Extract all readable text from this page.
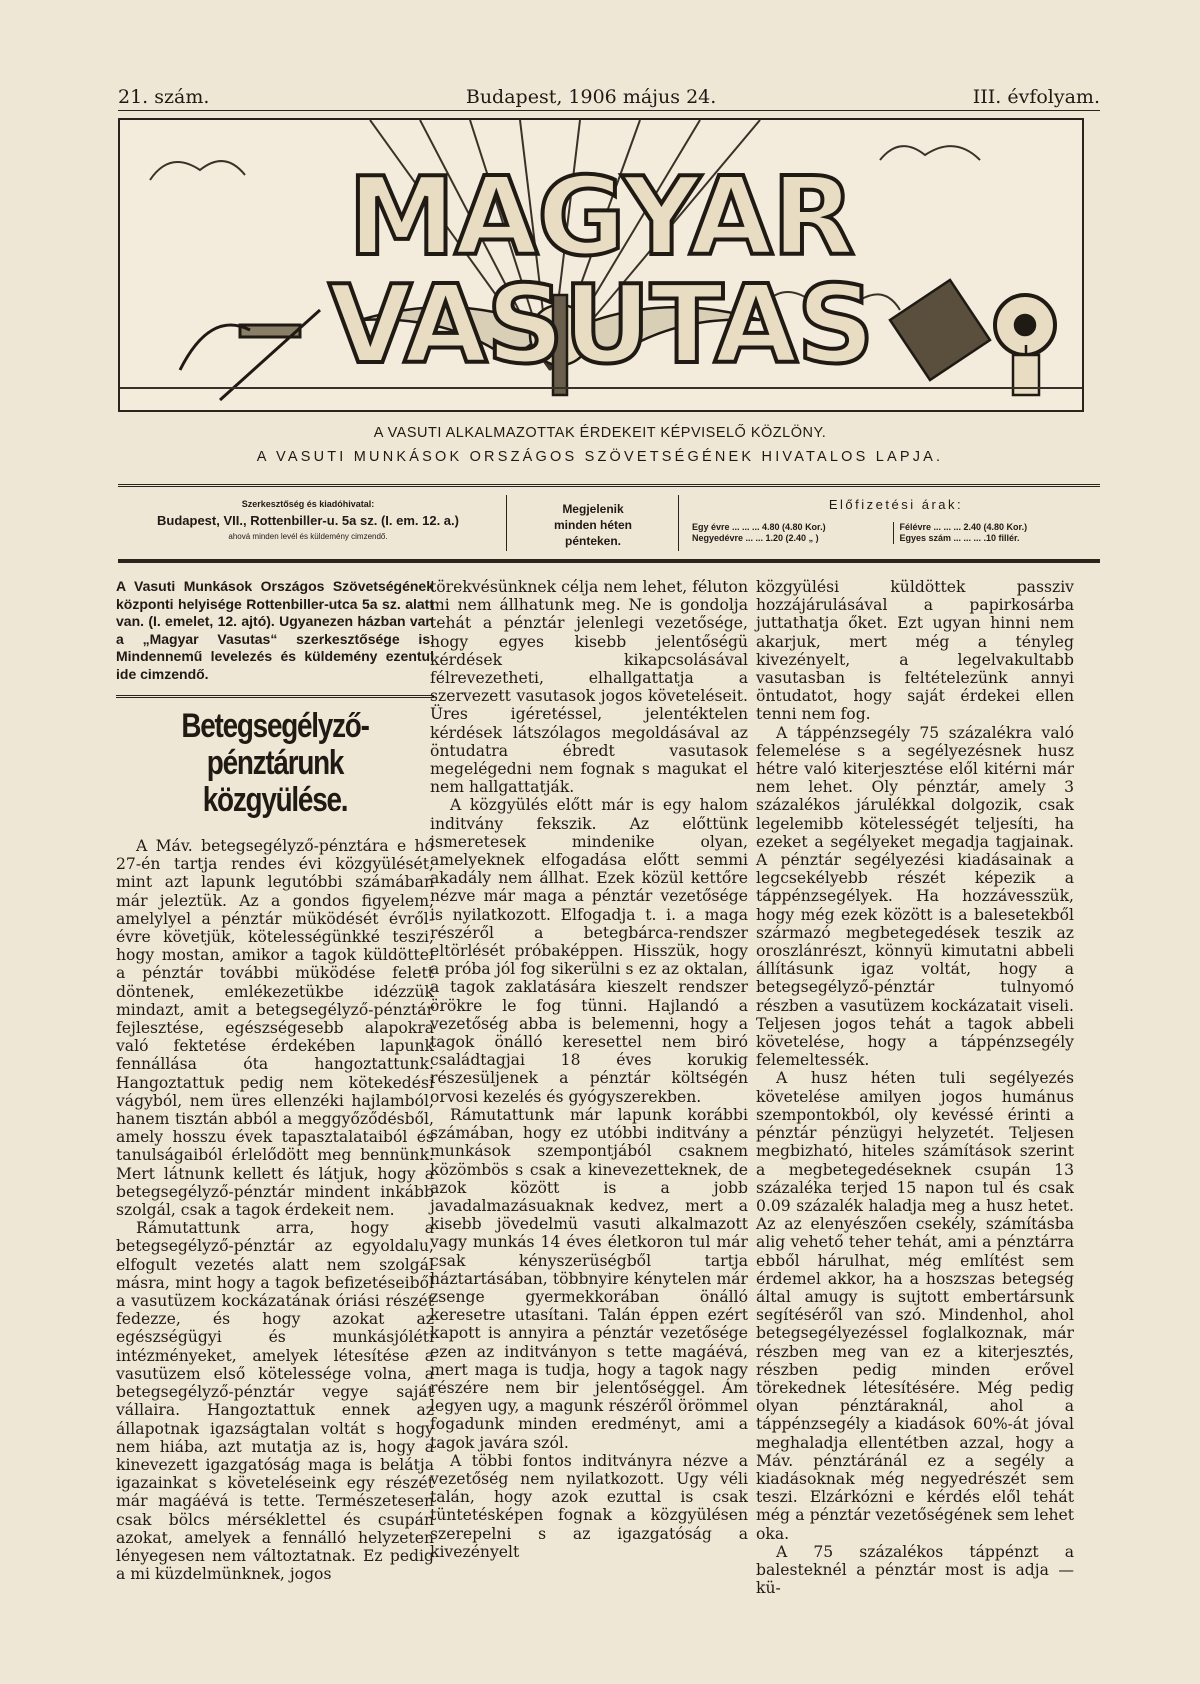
21. szám.	Budapest, 1906 május 24.	III. évfolyam.
MAGYAR VASUTAS
A VASUTI ALKALMAZOTTAK ÉRDEKEIT KÉPVISELŐ KÖZLÖNY.
A VASUTI MUNKÁSOK ORSZÁGOS SZÖVETSÉGÉNEK HIVATALOS LAPJA.
Szerkesztőség és kiadóhivatal:
Budapest, VII., Rottenbiller-u. 5a sz. (I. em. 12. a.)
ahová minden levél és küldemény cimzendő.
Megjelenik
minden héten
pénteken.
Előfizetési árak:
Egy évre ... ... ... 4.80 (4.80 Kor.)
Negyedévre ... ... 1.20 (2.40 „ )
Félévre ... ... ... 2.40 (4.80 Kor.)
Egyes szám ... ... ... .10 fillér.

A Vasuti Munkások Országos Szövetségének központi helyisége Rottenbiller-utca 5a sz. alatt van. (I. emelet, 12. ajtó). Ugyanezen házban van a „Magyar Vasutas“ szerkesztősége is. Mindennemű levelezés és küldemény ezentul ide cimzendő.

Betegsegélyző-pénztárunk
közgyülése.

A Máv. betegsegélyző-pénztára e hó 27-én tartja rendes évi közgyülését, mint azt lapunk legutóbbi számában már jeleztük. Az a gondos figyelem, amelylyel a pénztár müködését évről-évre követjük, kötelességünkké teszi, hogy mostan, amikor a tagok küldöttei a pénztár további müködése felett döntenek, emlékezetükbe idézzük mindazt, amit a betegsegélyző-pénztár fejlesztése, egészségesebb alapokra való fektetése érdekében lapunk fennállása óta hangoztattunk. Hangoztattuk pedig nem kötekedési vágyból, nem üres ellenzéki hajlamból, hanem tisztán abból a meggyőződésből, amely hosszu évek tapasztalataiból és tanulságaiból érlelődött meg bennünk. Mert látnunk kellett és látjuk, hogy a betegsegélyző-pénztár mindent inkább szolgál, csak a tagok érdekeit nem.

Rámutattunk arra, hogy a betegsegélyző-pénztár az egyoldalu, elfogult vezetés alatt nem szolgál másra, mint hogy a tagok befizetéseiből a vasutüzem kockázatának óriási részét fedezze, és hogy azokat az egészségügyi és munkásjóléti intézményeket, amelyek létesítése a vasutüzem első kötelessége volna, a betegsegélyző-pénztár vegye saját vállaira. Hangoztattuk ennek az állapotnak igazságtalan voltát s hogy nem hiába, azt mutatja az is, hogy a kinevezett igazgatóság maga is belátja igazainkat s követeléseink egy részét már magáévá is tette. Természetesen csak bölcs mérséklettel és csupán azokat, amelyek a fennálló helyzeten lényegesen nem változtatnak. Ez pedig a mi küzdelmünknek, jogos

törekvésünknek célja nem lehet, féluton mi nem állhatunk meg. Ne is gondolja tehát a pénztár jelenlegi vezetősége, hogy egyes kisebb jelentőségü kérdések kikapcsolásával félrevezetheti, elhallgattatja a szervezett vasutasok jogos követeléseit. Üres igéretéssel, jelentéktelen kérdések látszólagos megoldásával az öntudatra ébredt vasutasok megelégedni nem fognak s magukat el nem hallgattatják.

A közgyülés előtt már is egy halom inditvány fekszik. Az előttünk ismeretesek mindenike olyan, amelyeknek elfogadása előtt semmi akadály nem állhat. Ezek közül kettőre nézve már maga a pénztár vezetősége is nyilatkozott. Elfogadja t. i. a maga részéről a betegbárca-rendszer eltörlését próbaképpen. Hisszük, hogy a próba jól fog sikerülni s ez az oktalan, a tagok zaklatására kieszelt rendszer örökre le fog tünni. Hajlandó a vezetőség abba is belemenni, hogy a tagok önálló keresettel nem biró családtagjai 18 éves korukig részesüljenek a pénztár költségén orvosi kezelés és gyógyszerekben.

Rámutattunk már lapunk korábbi számában, hogy ez utóbbi inditvány a munkások szempontjából csaknem közömbös s csak a kinevezetteknek, de azok között is a jobb javadalmazásuaknak kedvez, mert a kisebb jövedelmü vasuti alkalmazott vagy munkás 14 éves életkoron tul már csak kényszerüségből tartja háztartásában, többnyire kénytelen már zsenge gyermekkorában önálló keresetre utasítani. Talán éppen ezért kapott is annyira a pénztár vezetősége ezen az inditványon s tette magáévá, mert maga is tudja, hogy a tagok nagy részére nem bir jelentőséggel. Ám legyen ugy, a magunk részéről örömmel fogadunk minden eredményt, ami a tagok javára szól.

A többi fontos inditványra nézve a vezetőség nem nyilatkozott. Ugy véli talán, hogy azok ezuttal is csak tüntetésképen fognak a közgyülésen szerepelni s az igazgatóság a kivezényelt

közgyülési küldöttek passziv hozzájárulásával a papirkosárba juttathatja őket. Ezt ugyan hinni nem akarjuk, mert még a tényleg kivezényelt, a legelvakultabb vasutasban is feltételezünk annyi öntudatot, hogy saját érdekei ellen tenni nem fog.

A táppénzsegély 75 százalékra való felemelése s a segélyezésnek husz hétre való kiterjesztése elől kitérni már nem lehet. Oly pénztár, amely 3 százalékos járulékkal dolgozik, csak legelemibb kötelességét teljesíti, ha ezeket a segélyeket megadja tagjainak. A pénztár segélyezési kiadásainak a legcsekélyebb részét képezik a táppénzsegélyek. Ha hozzávesszük, hogy még ezek között is a balesetekből származó megbetegedések teszik az oroszlánrészt, könnyü kimutatni abbeli állításunk igaz voltát, hogy a betegsegélyző-pénztár tulnyomó részben a vasutüzem kockázatait viseli. Teljesen jogos tehát a tagok abbeli követelése, hogy a táppénzsegély felemeltessék.

A husz héten tuli segélyezés követelése amilyen jogos humánus szempontokból, oly kevéssé érinti a pénztár pénzügyi helyzetét. Teljesen megbizható, hiteles számítások szerint a megbetegedéseknek csupán 13 százaléka terjed 15 napon tul és csak 0.09 százalék haladja meg a husz hetet. Az az elenyészően csekély, számításba alig vehető teher tehát, ami a pénztárra ebből hárulhat, még említést sem érdemel akkor, ha a hoszszas betegség által amugy is sujtott embertársunk segítéséről van szó. Mindenhol, ahol betegsegélyezéssel foglalkoznak, már részben meg van ez a kiterjesztés, részben pedig minden erővel törekednek létesítésére. Még pedig olyan pénztáraknál, ahol a táppénzsegély a kiadások 60%-át jóval meghaladja ellentétben azzal, hogy a Máv. pénztáránál ez a segély a kiadásoknak még negyedrészét sem teszi. Elzárkózni e kérdés elől tehát még a pénztár vezetőségének sem lehet oka.

A 75 százalékos táppénzt a balesteknél a pénztár most is adja — kü-
